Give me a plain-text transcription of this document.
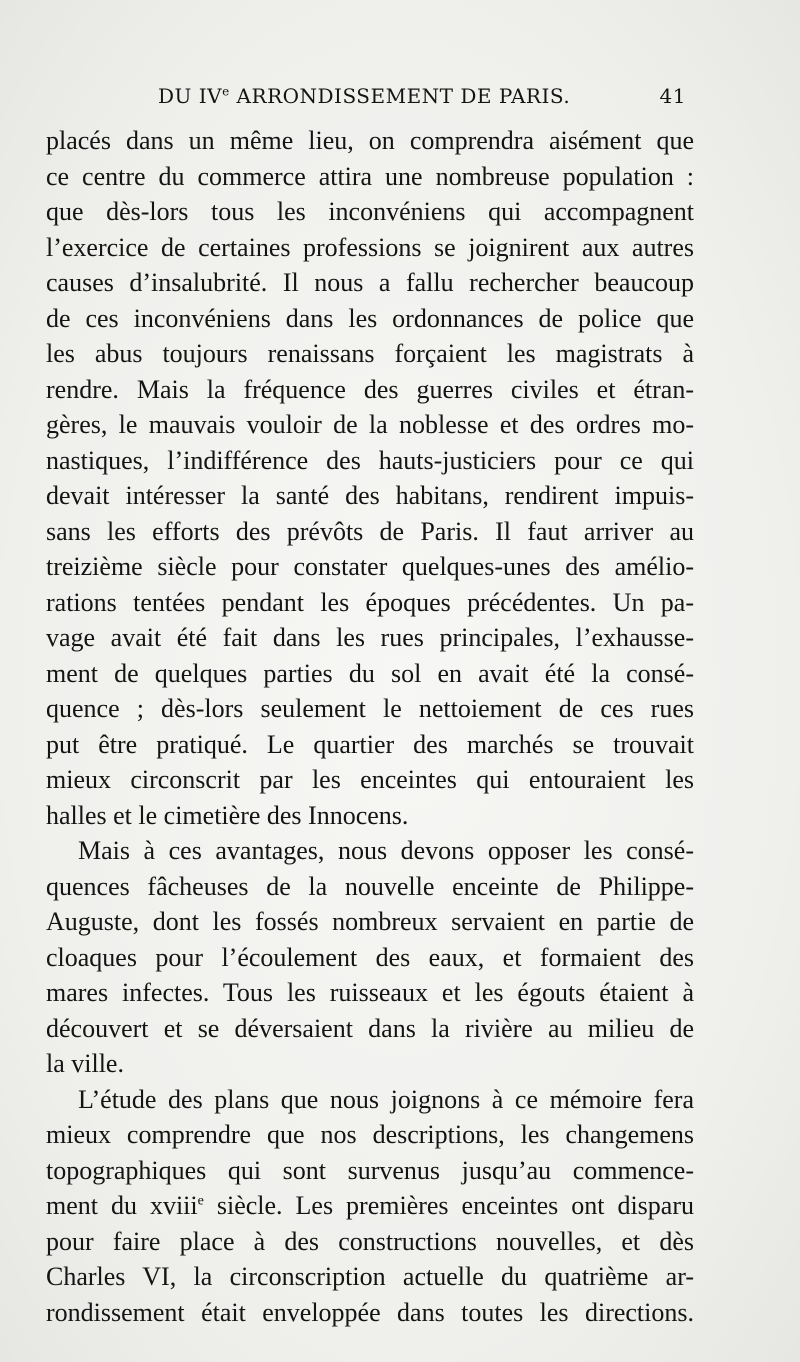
DU IVe ARRONDISSEMENT DE PARIS.	41
placés dans un même lieu, on comprendra aisément que
ce centre du commerce attira une nombreuse population :
que dès-lors tous les inconvéniens qui accompagnent
l’exercice de certaines professions se joignirent aux autres
causes d’insalubrité. Il nous a fallu rechercher beaucoup
de ces inconvéniens dans les ordonnances de police que
les abus toujours renaissans forçaient les magistrats à
rendre. Mais la fréquence des guerres civiles et étran-
gères, le mauvais vouloir de la noblesse et des ordres mo-
nastiques, l’indifférence des hauts-justiciers pour ce qui
devait intéresser la santé des habitans, rendirent impuis-
sans les efforts des prévôts de Paris. Il faut arriver au
treizième siècle pour constater quelques-unes des amélio-
rations tentées pendant les époques précédentes. Un pa-
vage avait été fait dans les rues principales, l’exhausse-
ment de quelques parties du sol en avait été la consé-
quence ; dès-lors seulement le nettoiement de ces rues
put être pratiqué. Le quartier des marchés se trouvait
mieux circonscrit par les enceintes qui entouraient les
halles et le cimetière des Innocens.
Mais à ces avantages, nous devons opposer les consé-
quences fâcheuses de la nouvelle enceinte de Philippe-
Auguste, dont les fossés nombreux servaient en partie de
cloaques pour l’écoulement des eaux, et formaient des
mares infectes. Tous les ruisseaux et les égouts étaient à
découvert et se déversaient dans la rivière au milieu de
la ville.
L’étude des plans que nous joignons à ce mémoire fera
mieux comprendre que nos descriptions, les changemens
topographiques qui sont survenus jusqu’au commence-
ment du xviii$^e$ siècle. Les premières enceintes ont disparu
pour faire place à des constructions nouvelles, et dès
Charles VI, la circonscription actuelle du quatrième ar-
rondissement était enveloppée dans toutes les directions.
